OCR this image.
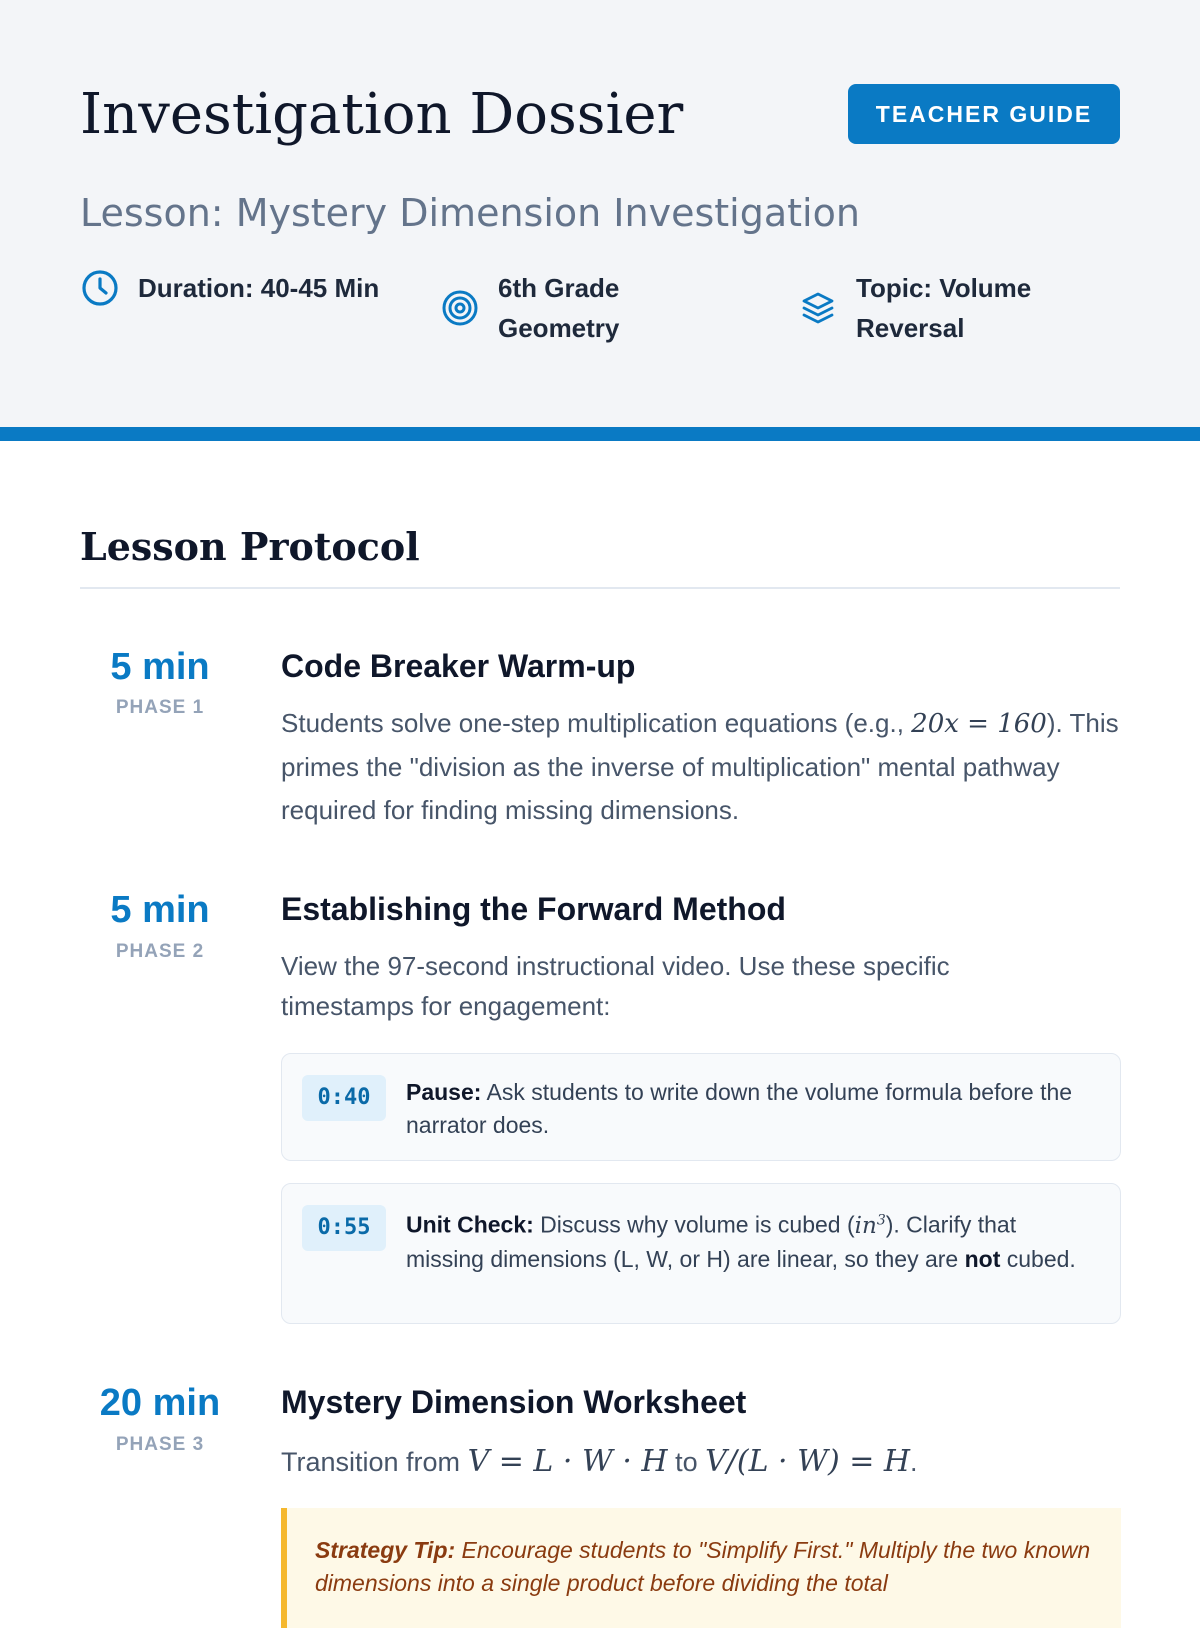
Investigation Dossier	TEACHER GUIDE
Lesson: Mystery Dimension Investigation
Duration: 40-45 Min	6th Grade Geometry
Topic: Volume Reversal
Lesson Protocol
5 min
PHASE 1
Code Breaker Warm-up
Students solve one-step multiplication equations (e.g., 20x = 160). This primes the "division as the inverse of multiplication" mental pathway required for finding missing dimensions.
5 min
PHASE 2
Establishing the Forward Method
View the 97-second instructional video. Use these specific timestamps for engagement:
0:40	Pause: Ask students to write down the volume formula before the narrator does.
0:55	Unit Check: Discuss why volume is cubed $(in^3)$. Clarify that missing dimensions (L, W, or H) are linear, so they are not cubed.
20 min
PHASE 3
Mystery Dimension Worksheet
Transition from V = L · W · H to V/(L · W) = H.
Strategy Tip: Encourage students to "Simplify First." Multiply the two known dimensions into a single product before dividing the total
